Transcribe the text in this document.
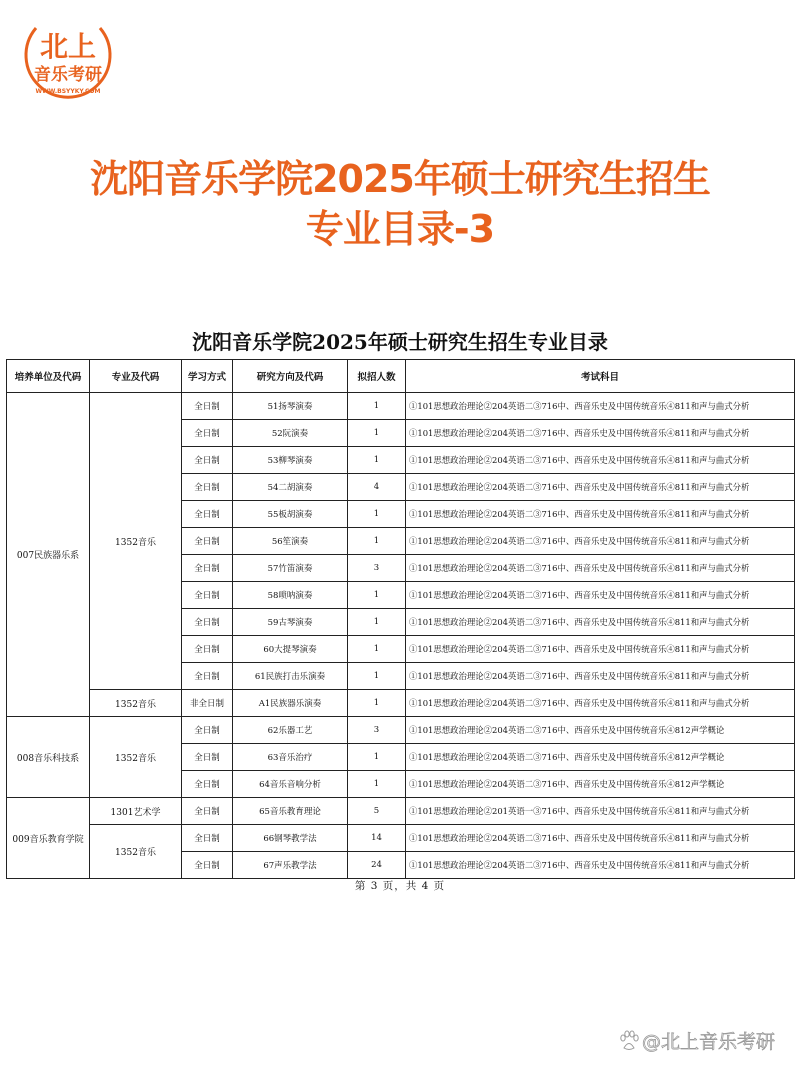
北上
音乐考研
WWW.BSYYKY.COM
沈阳音乐学院2025年硕士研究生招生
专业目录-3
沈阳音乐学院2025年硕士研究生招生专业目录
培养单位及代码	专业及代码	学习方式	研究方向及代码	拟招人数	考试科目
007民族器乐系	1352音乐	全日制	51扬琴演奏	1	①101思想政治理论②204英语二③716中、西音乐史及中国传统音乐④811和声与曲式分析
		全日制	52阮演奏	1	①101思想政治理论②204英语二③716中、西音乐史及中国传统音乐④811和声与曲式分析
		全日制	53柳琴演奏	1	①101思想政治理论②204英语二③716中、西音乐史及中国传统音乐④811和声与曲式分析
		全日制	54二胡演奏	4	①101思想政治理论②204英语二③716中、西音乐史及中国传统音乐④811和声与曲式分析
		全日制	55板胡演奏	1	①101思想政治理论②204英语二③716中、西音乐史及中国传统音乐④811和声与曲式分析
		全日制	56笙演奏	1	①101思想政治理论②204英语二③716中、西音乐史及中国传统音乐④811和声与曲式分析
		全日制	57竹笛演奏	3	①101思想政治理论②204英语二③716中、西音乐史及中国传统音乐④811和声与曲式分析
		全日制	58唢呐演奏	1	①101思想政治理论②204英语二③716中、西音乐史及中国传统音乐④811和声与曲式分析
		全日制	59古琴演奏	1	①101思想政治理论②204英语二③716中、西音乐史及中国传统音乐④811和声与曲式分析
		全日制	60大提琴演奏	1	①101思想政治理论②204英语二③716中、西音乐史及中国传统音乐④811和声与曲式分析
		全日制	61民族打击乐演奏	1	①101思想政治理论②204英语二③716中、西音乐史及中国传统音乐④811和声与曲式分析
	1352音乐	非全日制	A1民族器乐演奏	1	①101思想政治理论②204英语二③716中、西音乐史及中国传统音乐④811和声与曲式分析
008音乐科技系	1352音乐	全日制	62乐器工艺	3	①101思想政治理论②204英语二③716中、西音乐史及中国传统音乐④812声学概论
		全日制	63音乐治疗	1	①101思想政治理论②204英语二③716中、西音乐史及中国传统音乐④812声学概论
		全日制	64音乐音响分析	1	①101思想政治理论②204英语二③716中、西音乐史及中国传统音乐④812声学概论
009音乐教育学院	1301艺术学	全日制	65音乐教育理论	5	①101思想政治理论②201英语一③716中、西音乐史及中国传统音乐④811和声与曲式分析
	1352音乐	全日制	66钢琴教学法	14	①101思想政治理论②204英语二③716中、西音乐史及中国传统音乐④811和声与曲式分析
		全日制	67声乐教学法	24	①101思想政治理论②204英语二③716中、西音乐史及中国传统音乐④811和声与曲式分析
第 3 页，共 4 页
@北上音乐考研
